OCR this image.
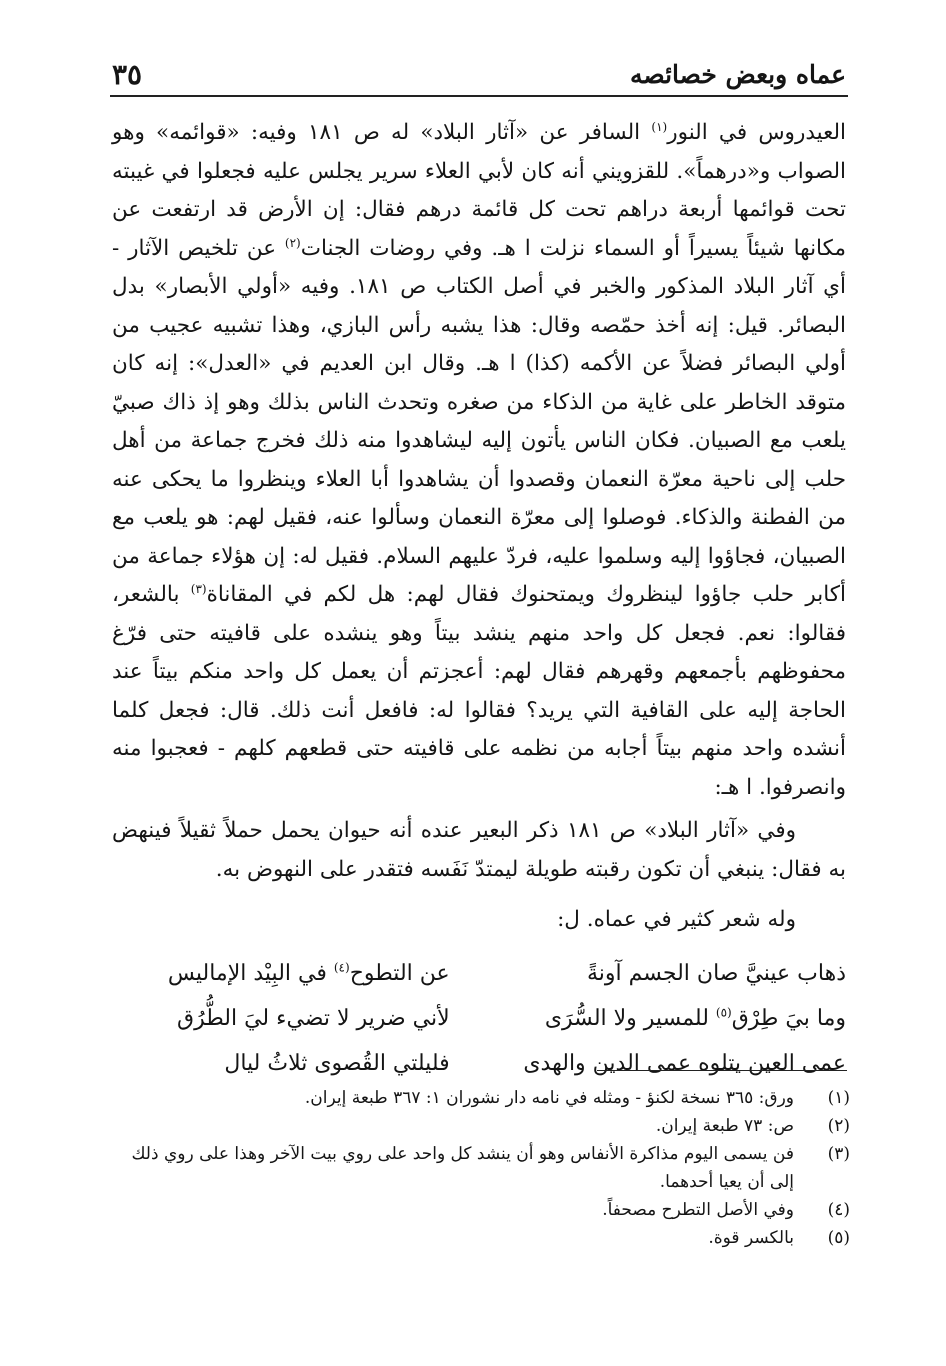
عماه وبعض خصائصه
٣٥

العيدروس في النور$^{(١)}$ السافر عن «آثار البلاد» له ص ١٨١ وفيه: «قوائمه» وهو الصواب و«درهماً». للقزويني أنه كان لأبي العلاء سرير يجلس عليه فجعلوا في غيبته تحت قوائمها أربعة دراهم تحت كل قائمة درهم فقال: إن الأرض قد ارتفعت عن مكانها شيئاً يسيراً أو السماء نزلت ا هـ. وفي روضات الجنات$^{(٢)}$ عن تلخيص الآثار - أي آثار البلاد المذكور والخبر في أصل الكتاب ص ١٨١. وفيه «أولي الأبصار» بدل البصائر. قيل: إنه أخذ حمّصه وقال: هذا يشبه رأس البازي، وهذا تشبيه عجيب من أولي البصائر فضلاً عن الأكمه (كذا) ا هـ. وقال ابن العديم في «العدل»: إنه كان متوقد الخاطر على غاية من الذكاء من صغره وتحدث الناس بذلك وهو إذ ذاك صبيّ يلعب مع الصبيان. فكان الناس يأتون إليه ليشاهدوا منه ذلك فخرج جماعة من أهل حلب إلى ناحية معرّة النعمان وقصدوا أن يشاهدوا أبا العلاء وينظروا ما يحكى عنه من الفطنة والذكاء. فوصلوا إلى معرّة النعمان وسألوا عنه، فقيل لهم: هو يلعب مع الصبيان، فجاؤوا إليه وسلموا عليه، فردّ عليهم السلام. فقيل له: إن هؤلاء جماعة من أكابر حلب جاؤوا لينظروك ويمتحنوك فقال لهم: هل لكم في المقاناة$^{(٣)}$ بالشعر، فقالوا: نعم. فجعل كل واحد منهم ينشد بيتاً وهو ينشده على قافيته حتى فرّغ محفوظهم بأجمعهم وقهرهم فقال لهم: أعجزتم أن يعمل كل واحد منكم بيتاً عند الحاجة إليه على القافية التي يريد؟ فقالوا له: فافعل أنت ذلك. قال: فجعل كلما أنشده واحد منهم بيتاً أجابه من نظمه على قافيته حتى قطعهم كلهم - فعجبوا منه وانصرفوا. ا هـ:

وفي «آثار البلاد» ص ١٨١ ذكر البعير عنده أنه حيوان يحمل حملاً ثقيلاً فينهض به فقال: ينبغي أن تكون رقبته طويلة ليمتدّ نَفَسه فتقدر على النهوض به.

وله شعر كثير في عماه. ل:

ذهاب عينيَّ صان الجسم آونةً
عن التطوح$^{(٤)}$ في البِيْد الإماليس
وما بيَ طِرْق$^{(٥)}$ للمسير ولا السُّرَى
لأني ضرير لا تضيء ليَ الطُّرُق
عمى العين يتلوه عمى الدين والهدى
فليلتي القُصوى ثلاثُ ليال
(١)
ورق: ٣٦٥ نسخة لكنؤ - ومثله في نامه دار نشوران ١: ٣٦٧ طبعة إيران.
(٢)
ص: ٧٣ طبعة إيران.
(٣)
فن يسمى اليوم مذاكرة الأنفاس وهو أن ينشد كل واحد على روي بيت الآخر وهذا على روي ذلك إلى أن يعيا أحدهما.
(٤)
وفي الأصل التطرح مصحفاً.
(٥)
بالكسر قوة.
